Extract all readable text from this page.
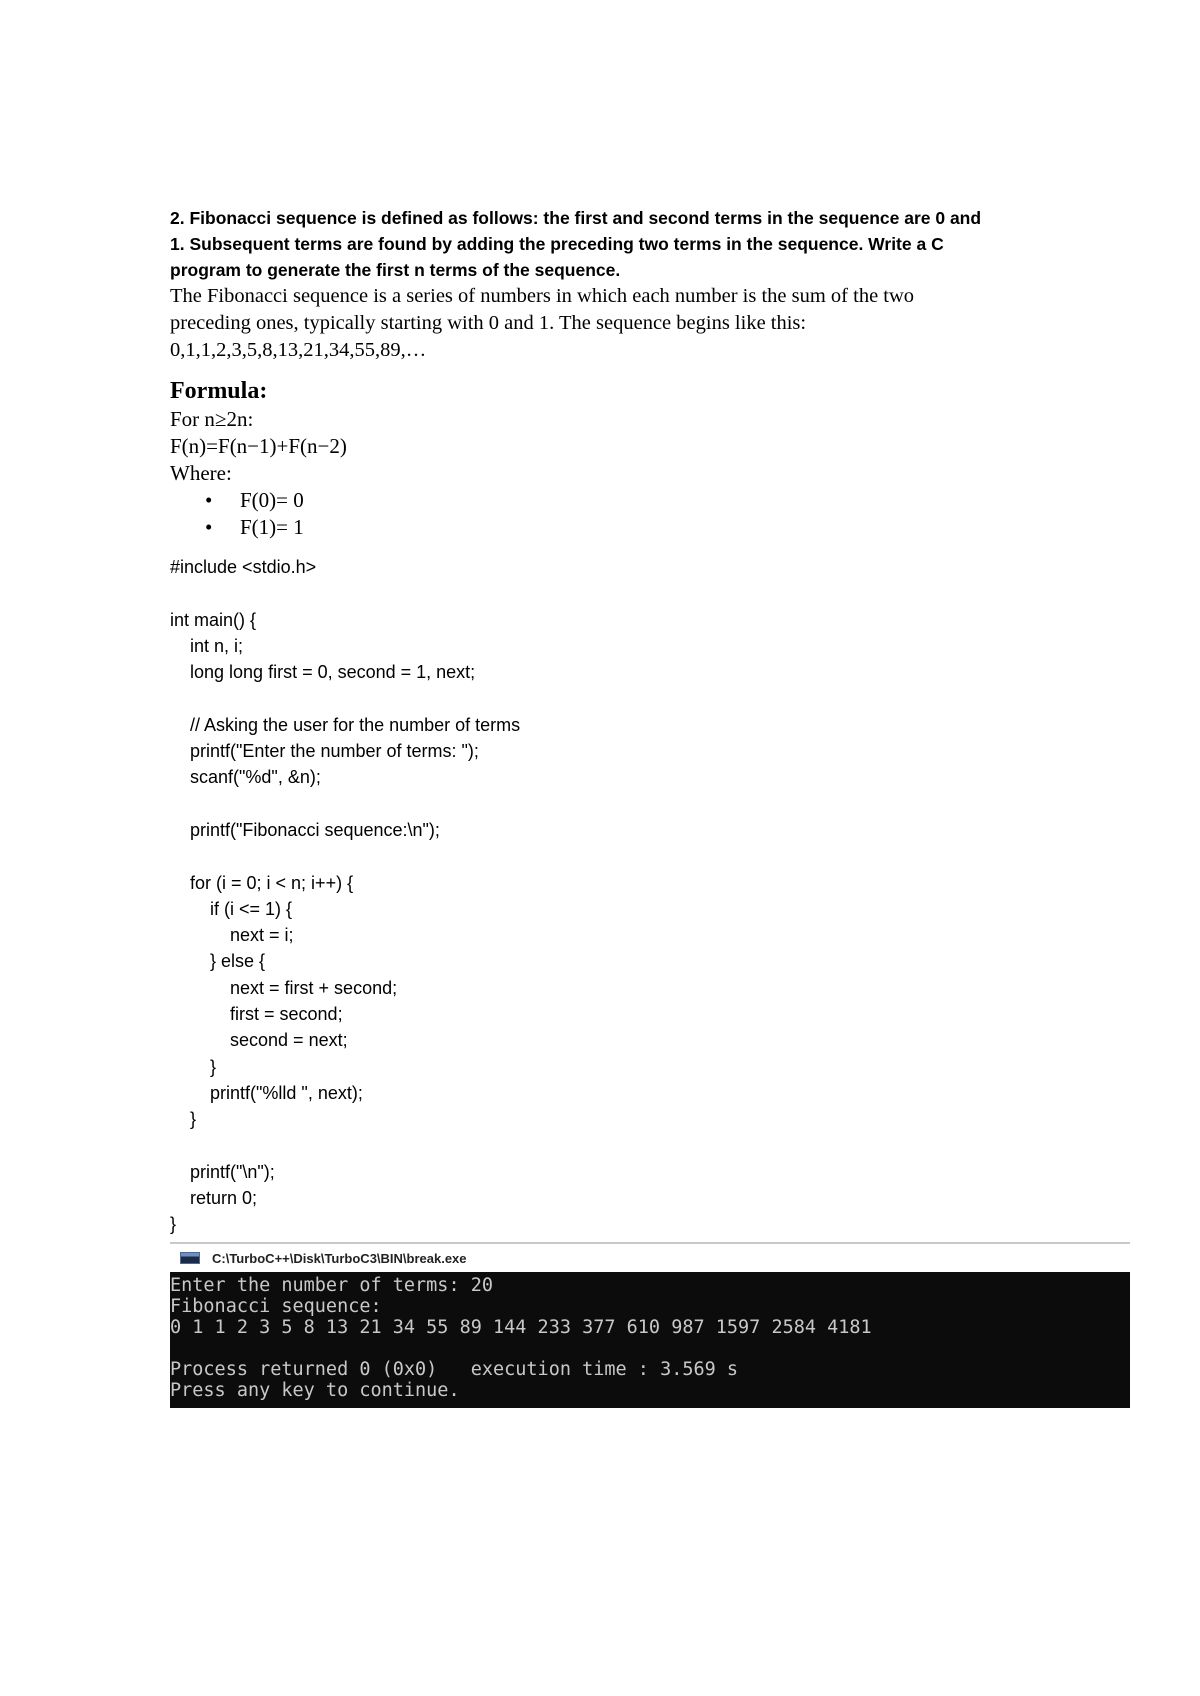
2. Fibonacci sequence is defined as follows: the first and second terms in the sequence are 0 and
1. Subsequent terms are found by adding the preceding two terms in the sequence. Write a C
program to generate the first n terms of the sequence.
The Fibonacci sequence is a series of numbers in which each number is the sum of the two
preceding ones, typically starting with 0 and 1. The sequence begins like this:
0,1,1,2,3,5,8,13,21,34,55,89,…
Formula:
For n≥2n:
F(n)=F(n−1)+F(n−2)
Where:
• F(0)= 0
• F(1)= 1
#include <stdio.h>

int main() {
int n, i;
long long first = 0, second = 1, next;

// Asking the user for the number of terms
printf("Enter the number of terms: ");
scanf("%d", &n);

printf("Fibonacci sequence:\n");

for (i = 0; i < n; i++) {
if (i <= 1) {
next = i;
} else {
next = first + second;
first = second;
second = next;
}
printf("%lld ", next);
}

printf("\n");
return 0;
}
C:\TurboC++\Disk\TurboC3\BIN\break.exe
Enter the number of terms: 20
Fibonacci sequence:
0 1 1 2 3 5 8 13 21 34 55 89 144 233 377 610 987 1597 2584 4181

Process returned 0 (0x0)   execution time : 3.569 s
Press any key to continue.
